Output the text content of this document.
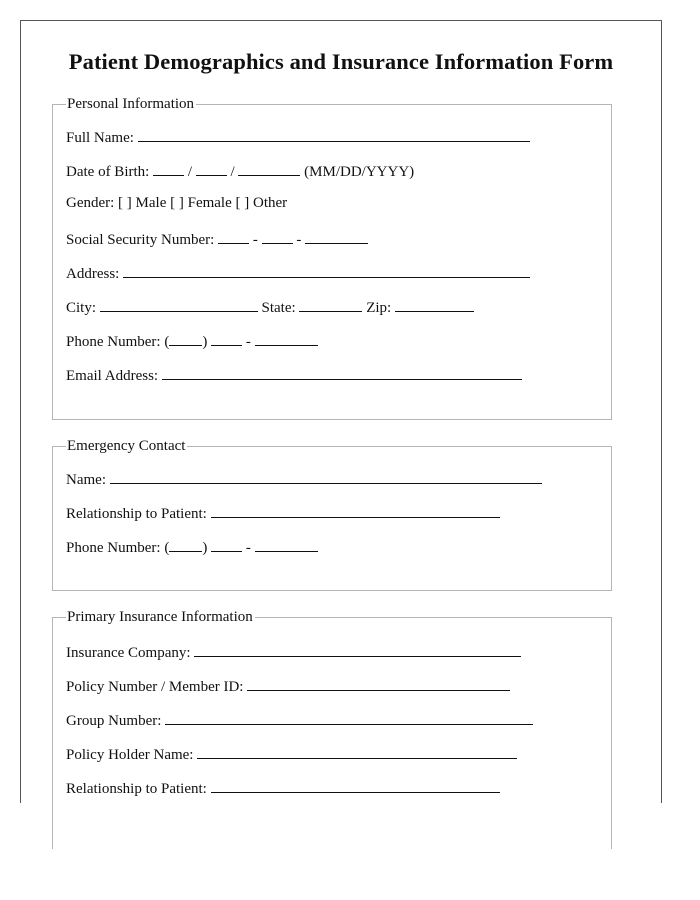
Patient Demographics and Insurance Information Form
Personal Information
Full Name:
Date of Birth:	/	/	(MM/DD/YYYY)
Gender: [ ] Male [ ] Female [ ] Other
Social Security Number:	-	-
Address:
City:	State:	Zip:
Phone Number: ( )	-
Email Address:
Emergency Contact
Name:
Relationship to Patient:
Phone Number: ( )	-
Primary Insurance Information
Insurance Company:
Policy Number / Member ID:
Group Number:
Policy Holder Name:
Relationship to Patient:
